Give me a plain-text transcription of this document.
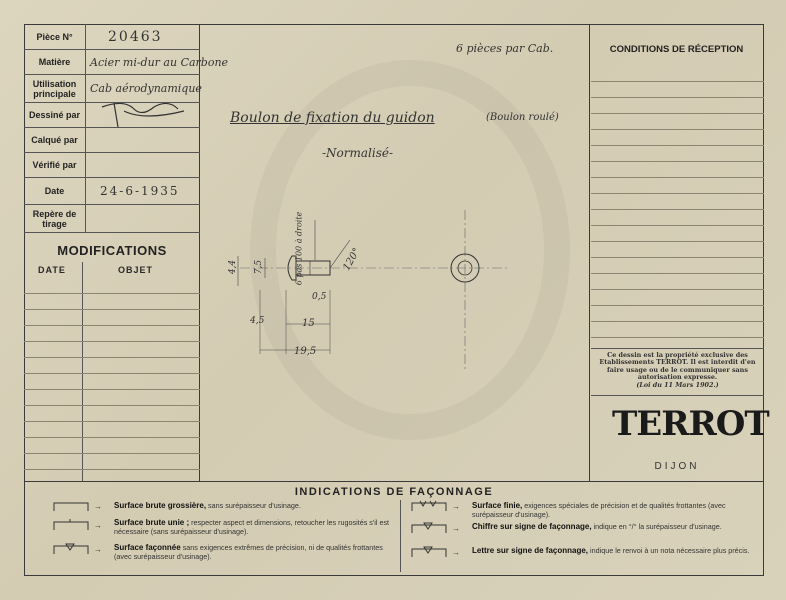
Pièce N°	20463
Matière	Acier mi-dur au Carbone
Utilisation principale	Cab aérodynamique
Dessiné par
Calqué par
Vérifié par
Date	24-6-1935
Repère de tirage
MODIFICATIONS
DATE	OBJET
6 pièces par Cab.
Boulon de fixation du guidon	(Boulon roulé)
-Normalisé-
4,4 7,5	6 pas 100 à droite	120°
0,5
4,5	15
19,5
CONDITIONS DE RÉCEPTION
Ce dessin est la propriété exclusive des Etablissements TERROT. Il est interdit d'en faire usage ou de le communiquer sans autorisation expresse.
(Loi du 11 Mars 1902.)
TERROT
DIJON
INDICATIONS DE FAÇONNAGE
→ Surface brute grossière, sans surépaisseur d'usinage.
→ Surface brute unie ; respecter aspect et dimensions, retoucher les rugosités s'il est nécessaire (sans surépaisseur d'usinage).
→ Surface façonnée sans exigences extrêmes de précision, ni de qualités frottantes (avec surépaisseur d'usinage).
→ Surface finie, exigences spéciales de précision et de qualités frottantes (avec surépaisseur d'usinage).
→ Chiffre sur signe de façonnage, indique en °/° la surépaisseur d'usinage.
→ Lettre sur signe de façonnage, indique le renvoi à un nota nécessaire plus précis.
